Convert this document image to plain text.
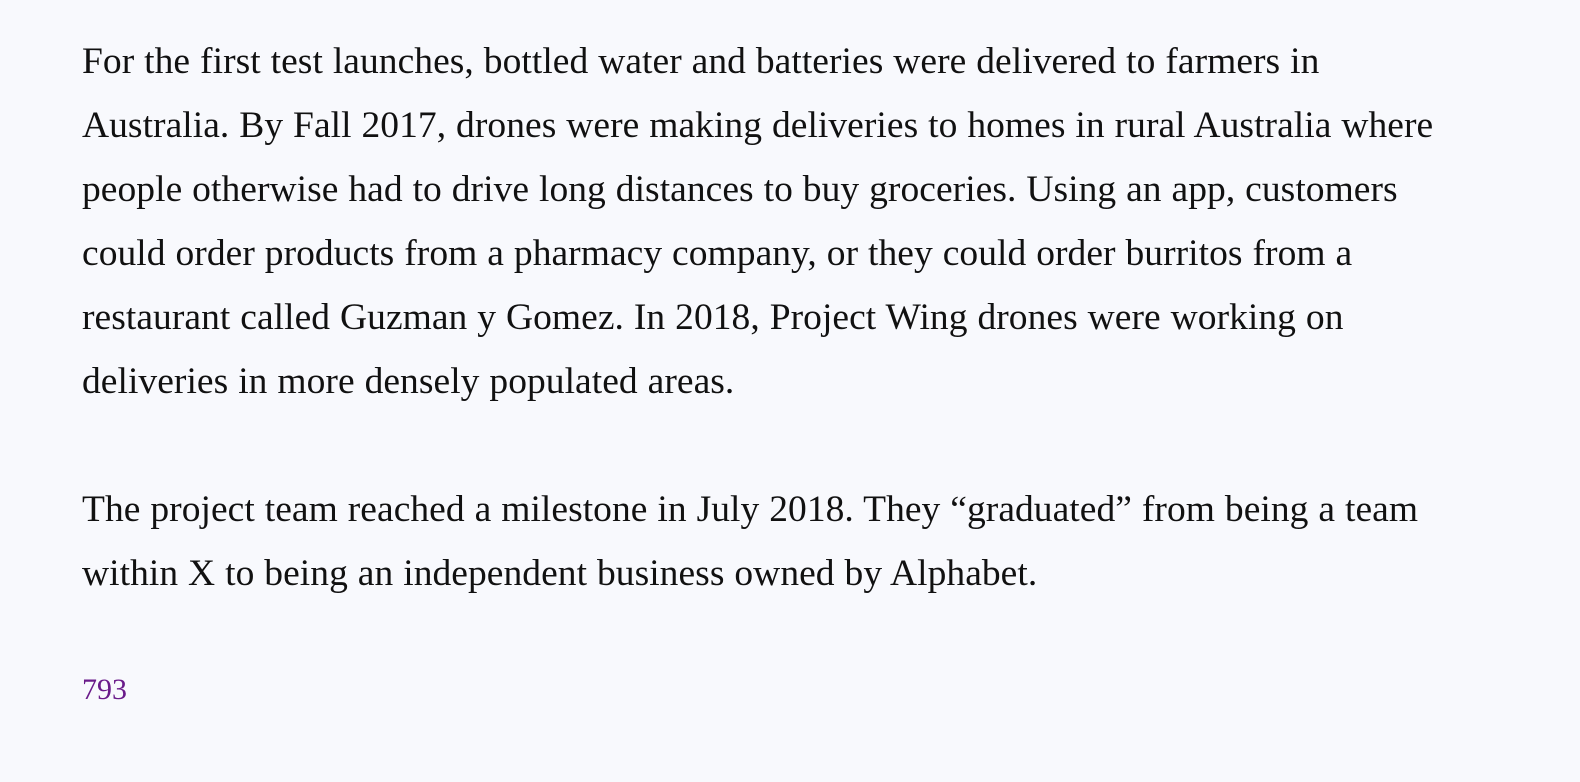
For the first test launches, bottled water and batteries were delivered to farmers in Australia. By Fall 2017, drones were making deliveries to homes in rural Australia where people otherwise had to drive long distances to buy groceries. Using an app, customers could order products from a pharmacy company, or they could order burritos from a restaurant called Guzman y Gomez. In 2018, Project Wing drones were working on deliveries in more densely populated areas.

The project team reached a milestone in July 2018. They “graduated” from being a team within X to being an independent business owned by Alphabet.

793
